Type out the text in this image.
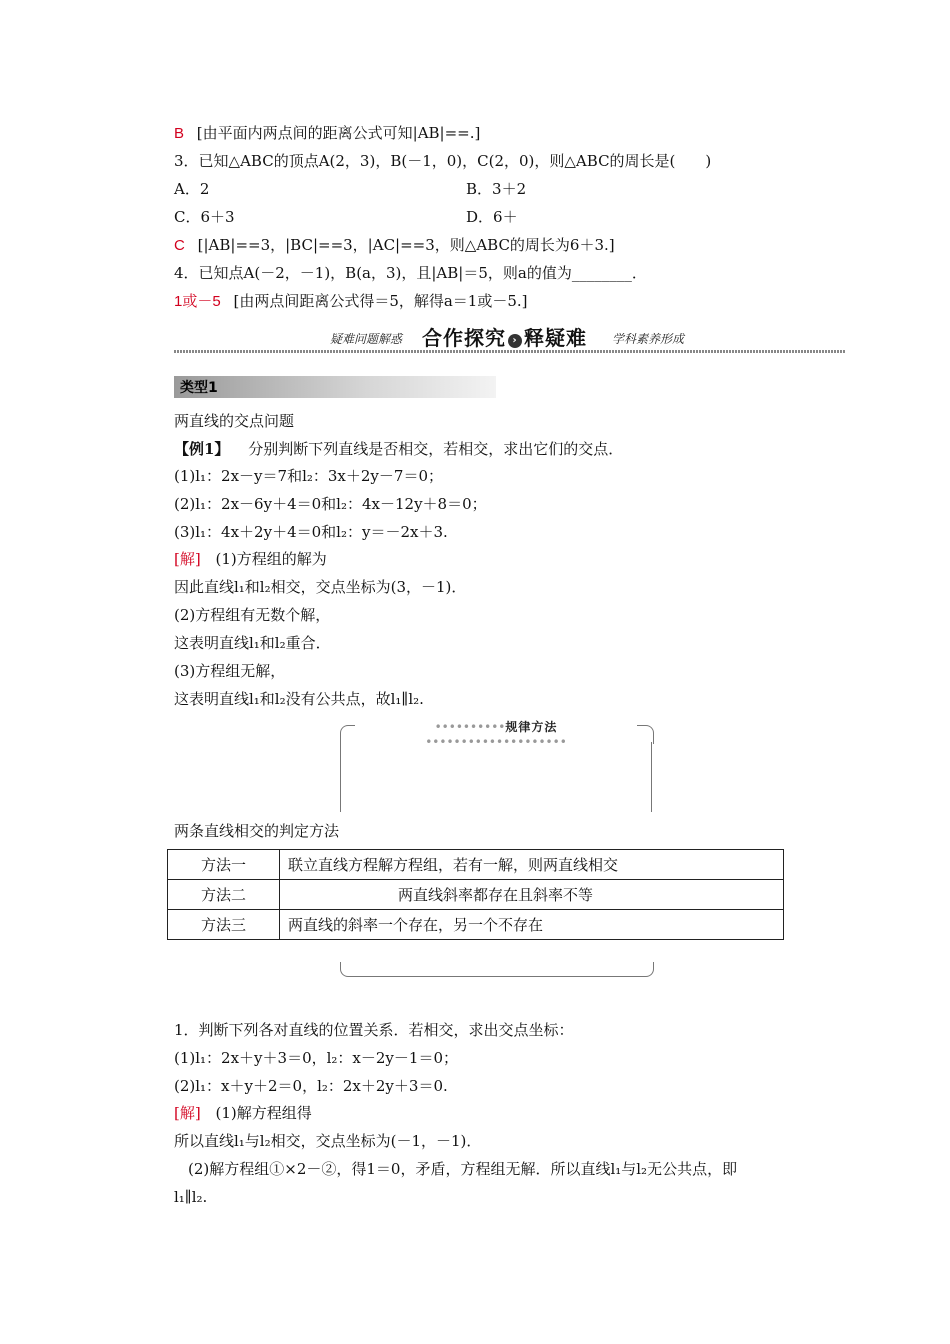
B [由平面内两点间的距离公式可知|AB|==.]
3．已知△ABC的顶点A(2，3)，B(－1，0)，C(2，0)，则△ABC的周长是(　　)
A．2	B．3＋2
C．6＋3	D．6＋
C [|AB|==3，|BC|==3，|AC|==3，则△ABC的周长为6＋3.]
4．已知点A(－2，－1)，B(a，3)，且|AB|＝5，则a的值为________．
1或－5 [由两点间距离公式得＝5，解得a＝1或－5.]
疑难问题解惑 合作探究 › 释疑难 学科素养形成
类型1
两直线的交点问题
【例1】 分别判断下列直线是否相交，若相交，求出它们的交点．
(1)l₁：2x－y＝7和l₂：3x＋2y－7＝0；
(2)l₁：2x－6y＋4＝0和l₂：4x－12y＋8＝0；
(3)l₁：4x＋2y＋4＝0和l₂：y＝－2x＋3.
[解] (1)方程组的解为
因此直线l₁和l₂相交，交点坐标为(3，－1)．
(2)方程组有无数个解，
这表明直线l₁和l₂重合．
(3)方程组无解，
这表明直线l₁和l₂没有公共点，故l₁∥l₂.
••••••••••规律方法••••••••••••••••••••
两条直线相交的判定方法
方法一	联立直线方程解方程组，若有一解，则两直线相交
方法二	两直线斜率都存在且斜率不等
方法三	两直线的斜率一个存在，另一个不存在
1．判断下列各对直线的位置关系．若相交，求出交点坐标：
(1)l₁：2x＋y＋3＝0，l₂：x－2y－1＝0；
(2)l₁：x＋y＋2＝0，l₂：2x＋2y＋3＝0.
[解] (1)解方程组得
所以直线l₁与l₂相交，交点坐标为(－1，－1)．
(2)解方程组①×2－②，得1＝0，矛盾，方程组无解．所以直线l₁与l₂无公共点，即
l₁∥l₂.
